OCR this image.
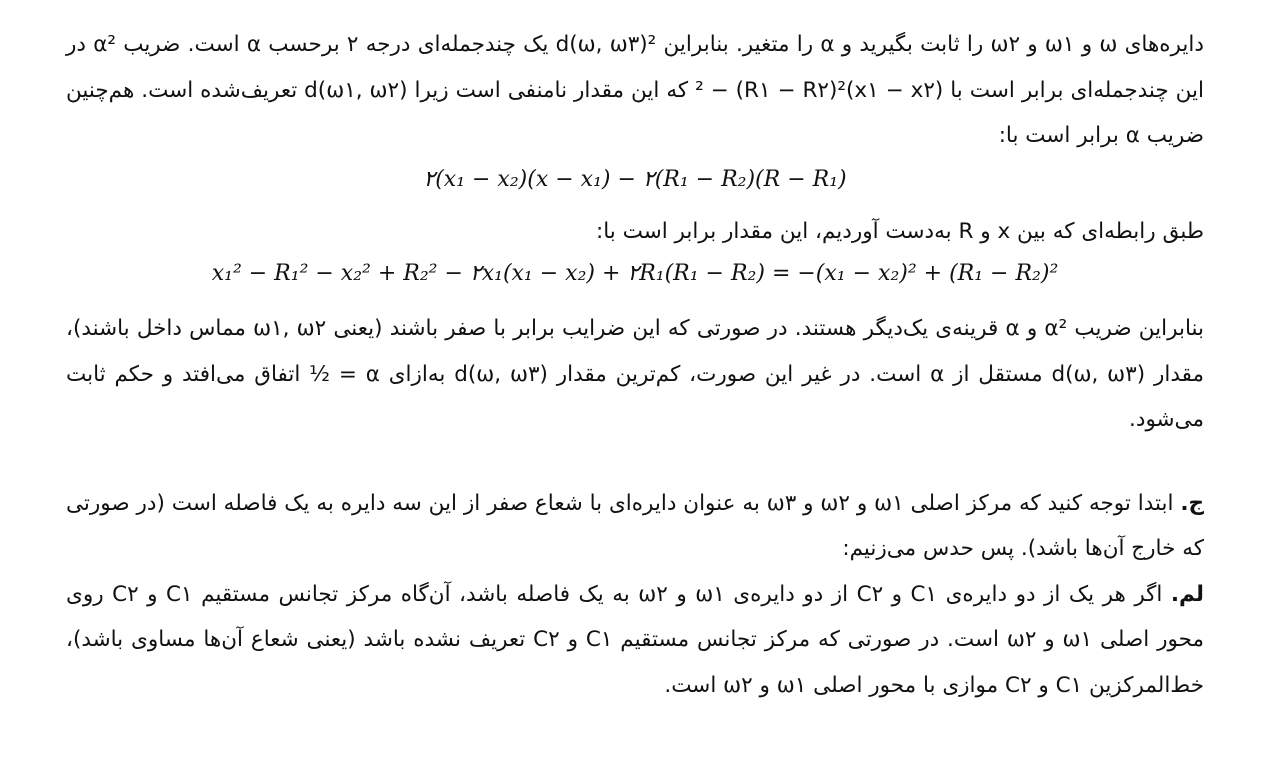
دایره‌های ω و ω۱ و ω۲ را ثابت بگیرید و α را متغیر. بنابراین d(ω, ω۳)² یک چندجمله‌ای درجه ۲ برحسب α است. ضریب α² در این چندجمله‌ای برابر است با (x۱ − x۲)² − (R۱ − R۲)² که این مقدار نامنفی است زیرا d(ω۱, ω۲) تعریف‌شده است. هم‌چنین ضریب α برابر است با:

۲(x₁ − x₂)(x − x₁) − ۲(R₁ − R₂)(R − R₁)

طبق رابطه‌ای که بین x و R به‌دست آوردیم، این مقدار برابر است با:

x₁² − R₁² − x₂² + R₂² − ۲x₁(x₁ − x₂) + ۲R₁(R₁ − R₂) = −(x₁ − x₂)² + (R₁ − R₂)²

بنابراین ضریب α² و α قرینه‌ی یک‌دیگر هستند. در صورتی که این ضرایب برابر با صفر باشند (یعنی ω۱, ω۲ مماس داخل باشند)، مقدار d(ω, ω۳) مستقل از α است. در غیر این صورت، کم‌ترین مقدار d(ω, ω۳) به‌ازای α = ½ اتفاق می‌افتد و حکم ثابت می‌شود.

ج. ابتدا توجه کنید که مرکز اصلی ω۱ و ω۲ و ω۳ به عنوان دایره‌ای با شعاع صفر از این سه دایره به یک فاصله است (در صورتی که خارج آن‌ها باشد). پس حدس می‌زنیم:

لم. اگر هر یک از دو دایره‌ی C۱ و C۲ از دو دایره‌ی ω۱ و ω۲ به یک فاصله باشد، آن‌گاه مرکز تجانس مستقیم C۱ و C۲ روی محور اصلی ω۱ و ω۲ است. در صورتی که مرکز تجانس مستقیم C۱ و C۲ تعریف نشده باشد (یعنی شعاع آن‌ها مساوی باشد)، خط‌المرکزین C۱ و C۲ موازی با محور اصلی ω۱ و ω۲ است.
